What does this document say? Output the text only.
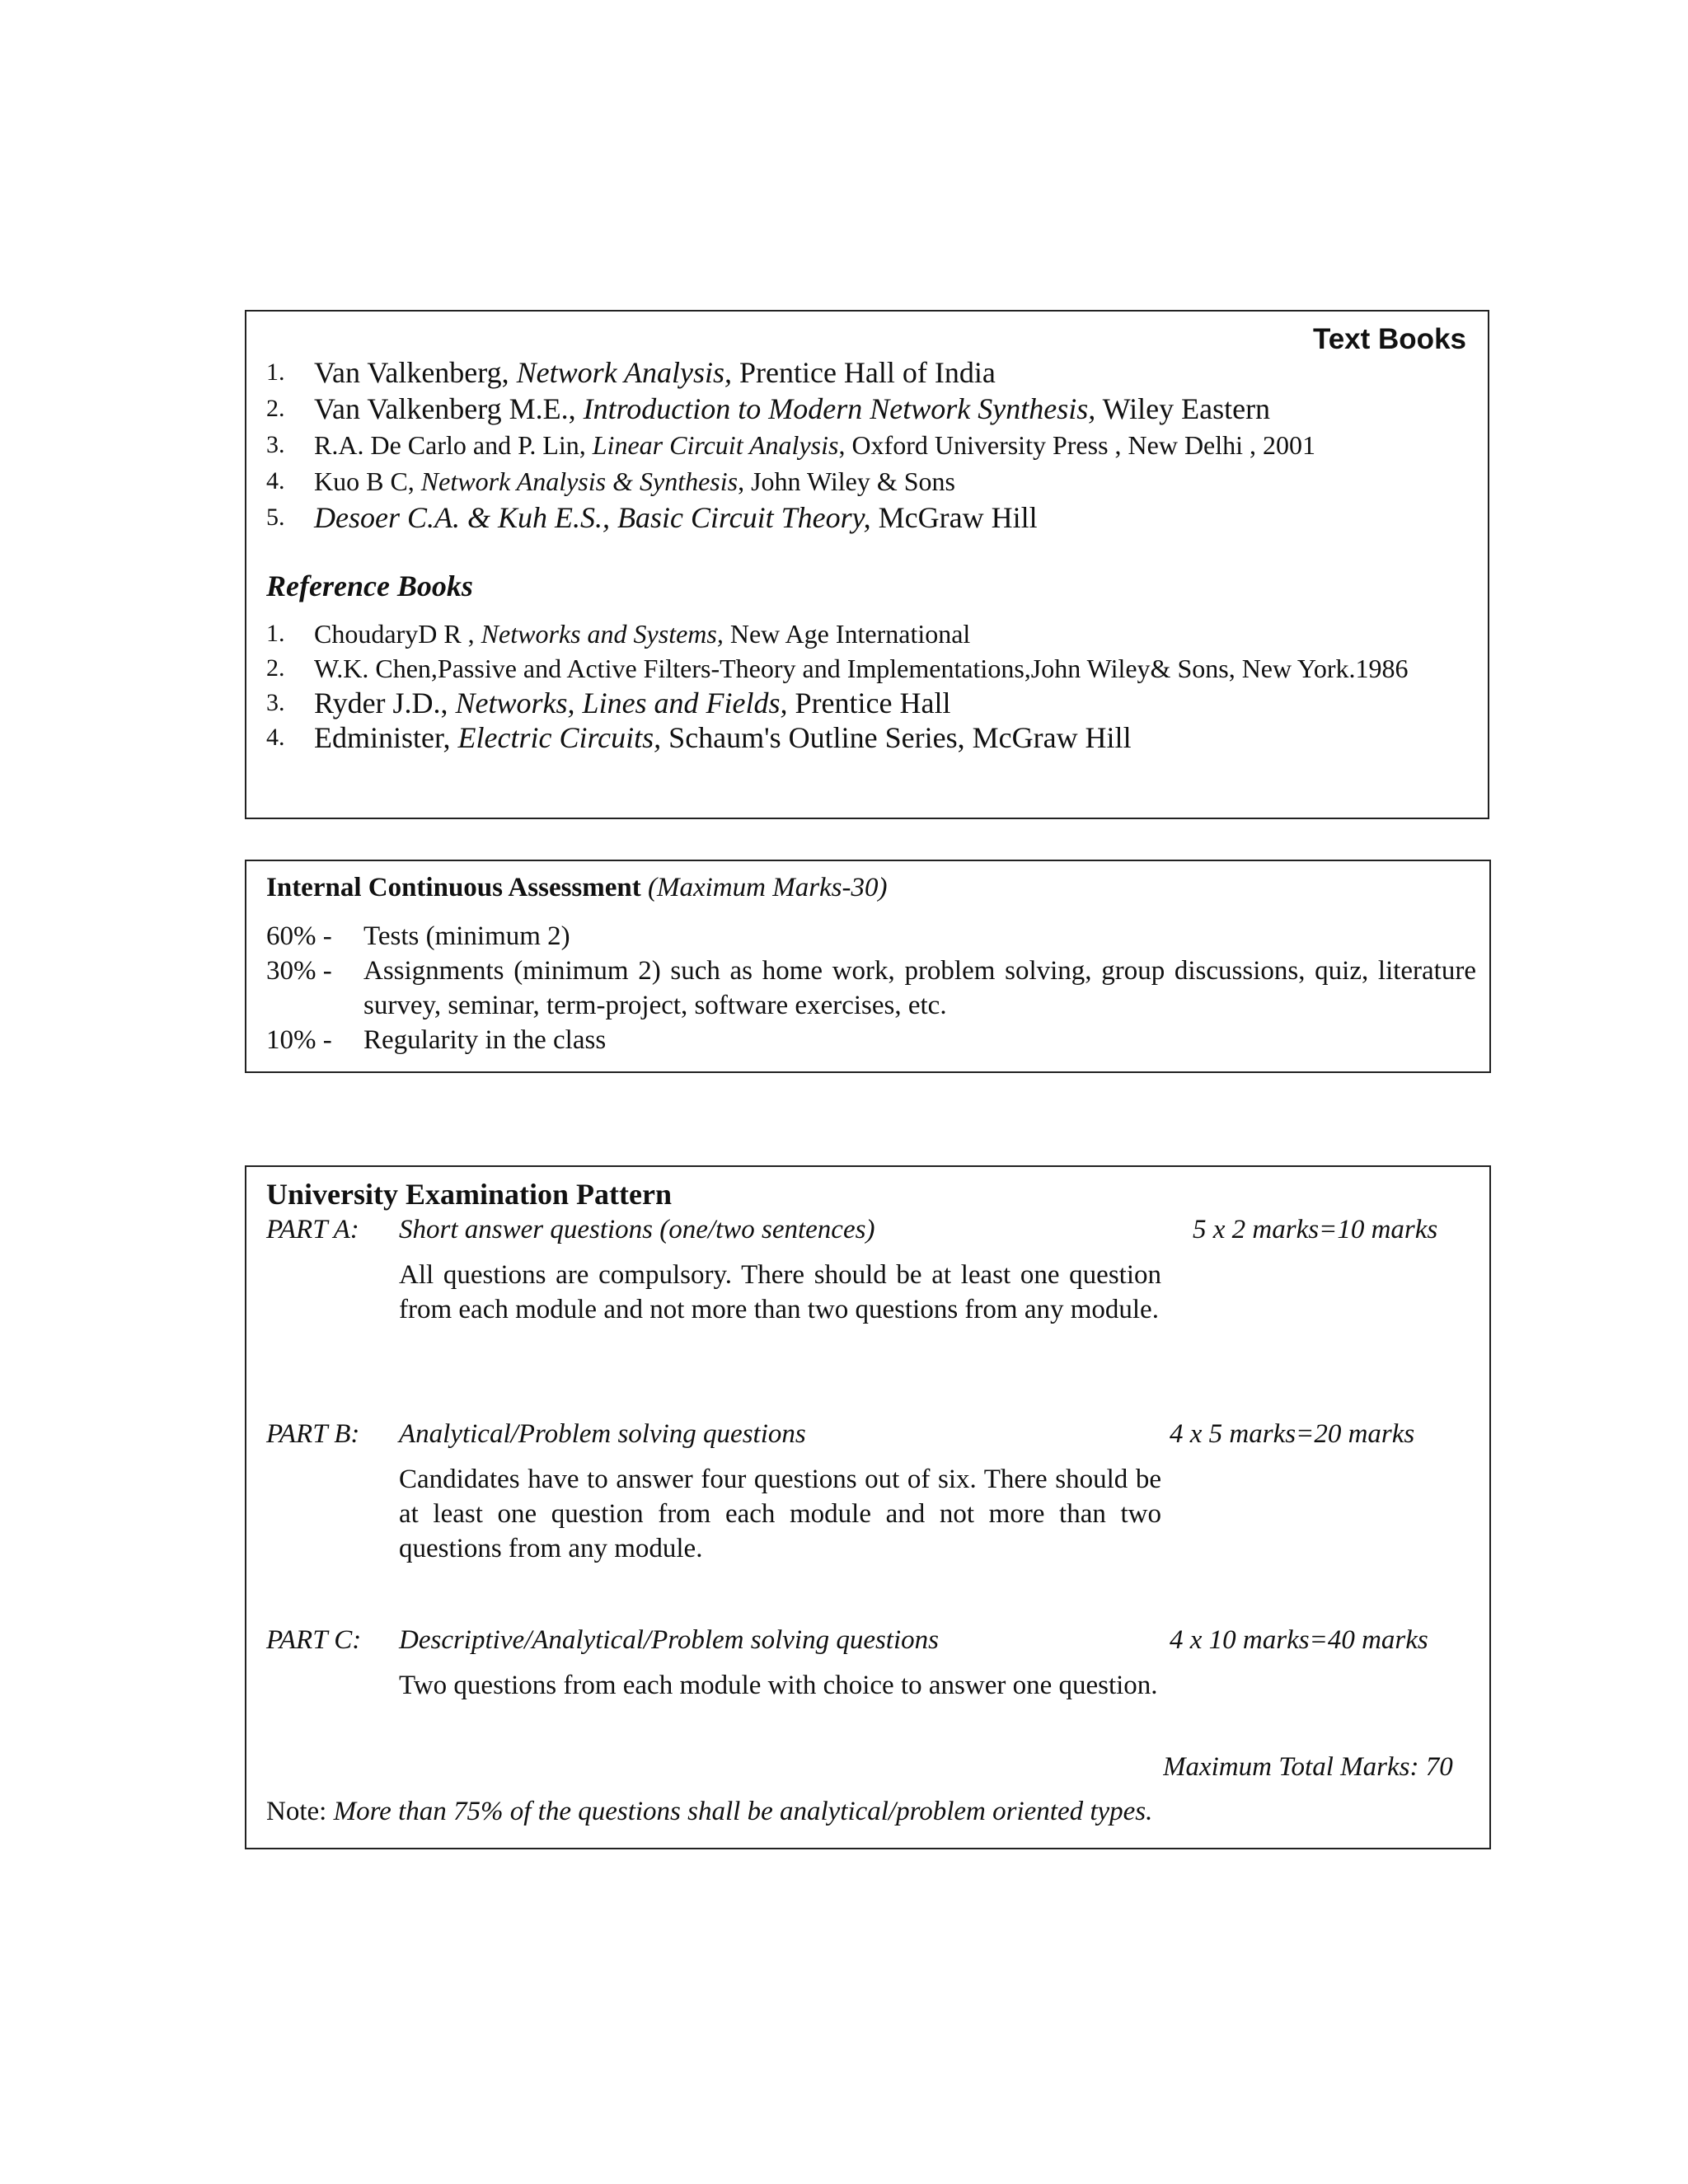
Text Books
1. Van Valkenberg, Network Analysis, Prentice Hall of India
2. Van Valkenberg M.E., Introduction to Modern Network Synthesis, Wiley Eastern
3. R.A. De Carlo and P. Lin, Linear Circuit Analysis, Oxford University Press , New Delhi , 2001
4. Kuo B C, Network Analysis & Synthesis, John Wiley & Sons
5. Desoer C.A. & Kuh E.S., Basic Circuit Theory, McGraw Hill
Reference Books
1. ChoudaryD R , Networks and Systems, New Age International
2. W.K. Chen,Passive and Active Filters-Theory and Implementations,John Wiley& Sons, New York.1986
3. Ryder J.D., Networks, Lines and Fields, Prentice Hall
4. Edminister, Electric Circuits, Schaum's Outline Series, McGraw Hill
Internal Continuous Assessment (Maximum Marks-30)
60% -	Tests (minimum 2)
30% -	Assignments (minimum 2) such as home work, problem solving, group discussions, quiz, literature survey, seminar, term-project, software exercises, etc.
10% -	Regularity in the class
University Examination Pattern
PART A: Short answer questions (one/two sentences)	5 x 2 marks=10 marks
All questions are compulsory. There should be at least one question from each module and not more than two questions from any module.
PART B: Analytical/Problem solving questions	4 x 5 marks=20 marks
Candidates have to answer four questions out of six. There should be at least one question from each module and not more than two questions from any module.
PART C: Descriptive/Analytical/Problem solving questions	4 x 10 marks=40 marks
Two questions from each module with choice to answer one question.
Maximum Total Marks: 70
Note: More than 75% of the questions shall be analytical/problem oriented types.
